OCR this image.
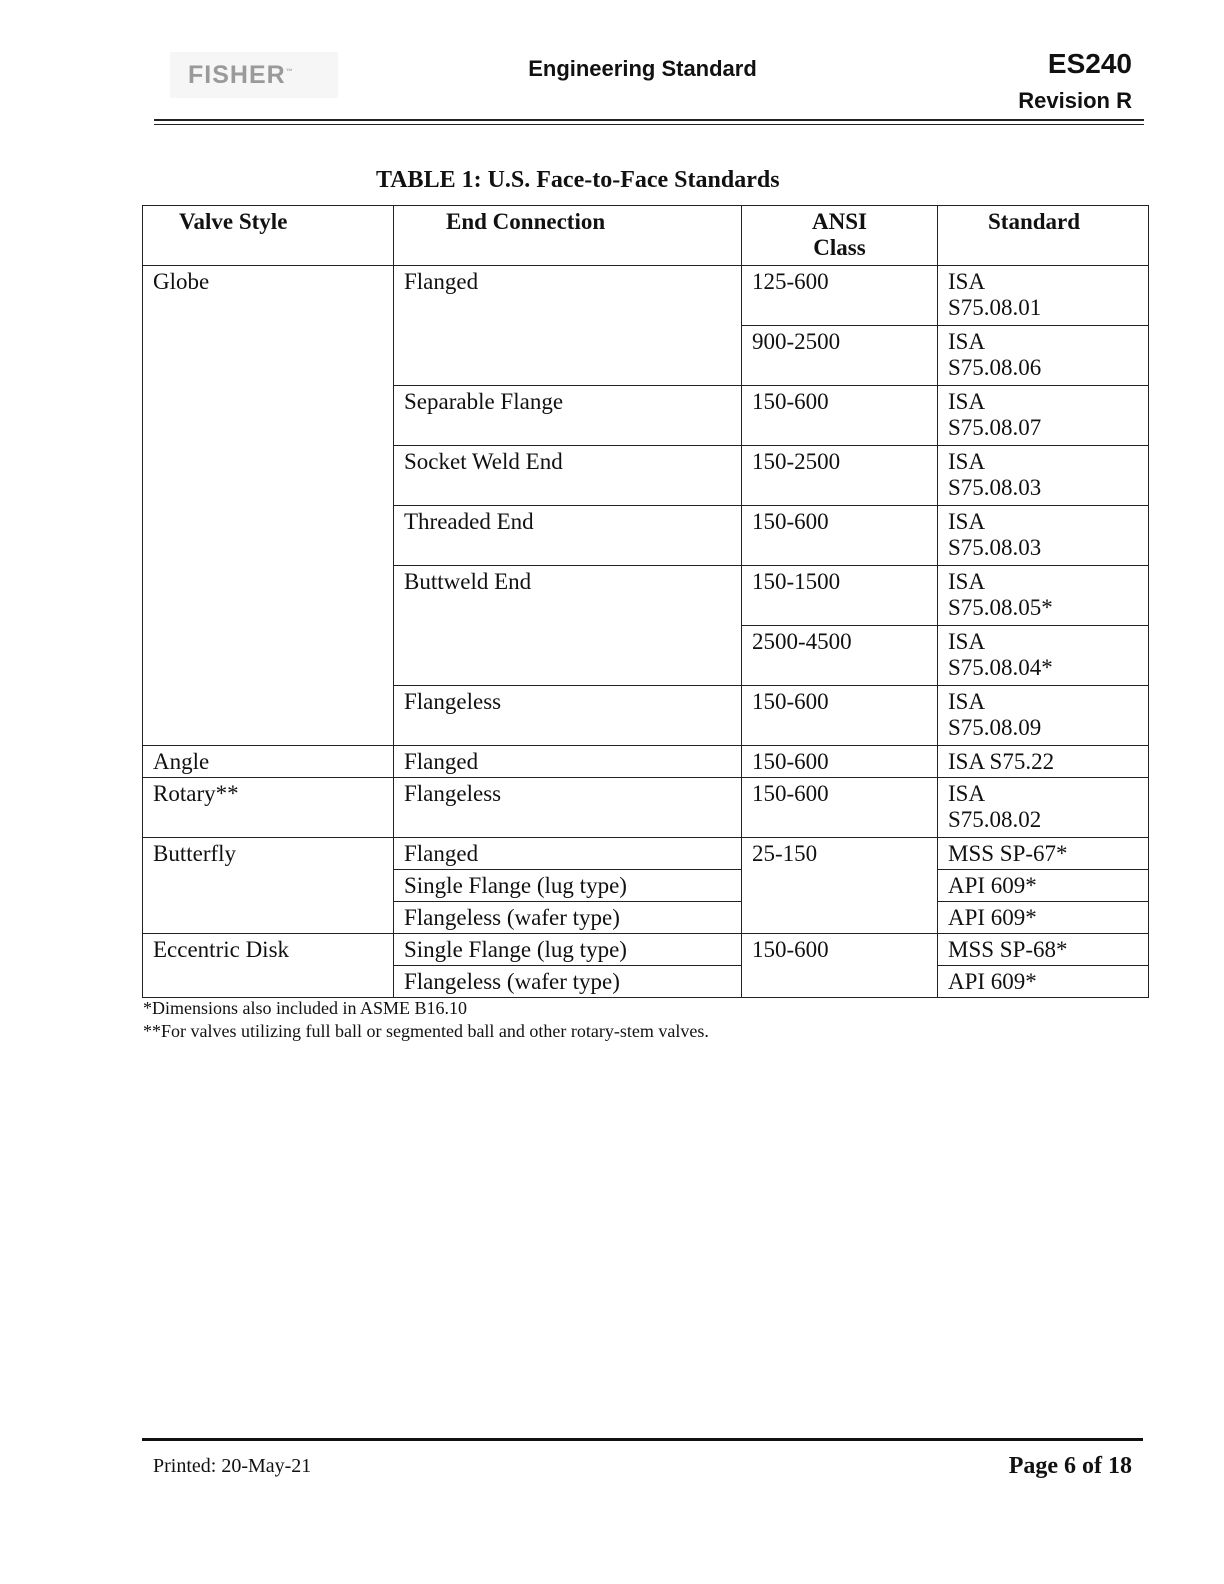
FISHER™	Engineering Standard	ES240
Revision R
TABLE 1: U.S. Face-to-Face Standards
Valve Style	End Connection	ANSI
Class	Standard
Globe	Flanged	125-600	ISA
S75.08.01
		900-2500	ISA
S75.08.06
	Separable Flange	150-600	ISA
S75.08.07
	Socket Weld End	150-2500	ISA
S75.08.03
	Threaded End	150-600	ISA
S75.08.03
	Buttweld End	150-1500	ISA
S75.08.05*
		2500-4500	ISA
S75.08.04*
	Flangeless	150-600	ISA
S75.08.09
Angle	Flanged	150-600	ISA S75.22
Rotary**	Flangeless	150-600	ISA
S75.08.02
Butterfly	Flanged	25-150	MSS SP-67*
	Single Flange (lug type)		API 609*
	Flangeless (wafer type)		API 609*
Eccentric Disk	Single Flange (lug type)	150-600	MSS SP-68*
	Flangeless (wafer type)		API 609*
*Dimensions also included in ASME B16.10
**For valves utilizing full ball or segmented ball and other rotary-stem valves.
Printed: 20-May-21	Page 6 of 18
